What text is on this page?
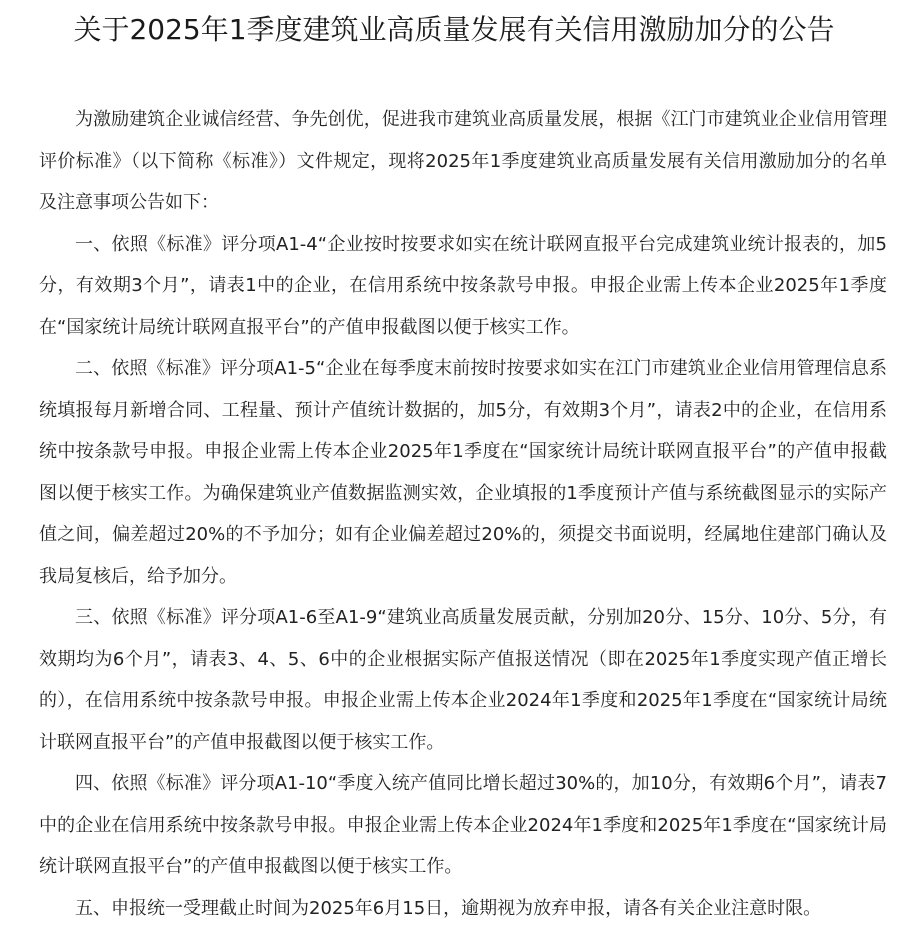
关于2025年1季度建筑业高质量发展有关信用激励加分的公告

为激励建筑企业诚信经营、争先创优，促进我市建筑业高质量发展，根据《江门市建筑业企业信用管理评价标准》（以下简称《标准》）文件规定，现将2025年1季度建筑业高质量发展有关信用激励加分的名单及注意事项公告如下：

一、依照《标准》评分项A1-4“企业按时按要求如实在统计联网直报平台完成建筑业统计报表的，加5分，有效期3个月”，请表1中的企业，在信用系统中按条款号申报。申报企业需上传本企业2025年1季度在“国家统计局统计联网直报平台”的产值申报截图以便于核实工作。

二、依照《标准》评分项A1-5“企业在每季度末前按时按要求如实在江门市建筑业企业信用管理信息系统填报每月新增合同、工程量、预计产值统计数据的，加5分，有效期3个月”，请表2中的企业，在信用系统中按条款号申报。申报企业需上传本企业2025年1季度在“国家统计局统计联网直报平台”的产值申报截图以便于核实工作。为确保建筑业产值数据监测实效，企业填报的1季度预计产值与系统截图显示的实际产值之间，偏差超过20%的不予加分；如有企业偏差超过20%的，须提交书面说明，经属地住建部门确认及我局复核后，给予加分。

三、依照《标准》评分项A1-6至A1-9“建筑业高质量发展贡献，分别加20分、15分、10分、5分，有效期均为6个月”，请表3、4、5、6中的企业根据实际产值报送情况（即在2025年1季度实现产值正增长的），在信用系统中按条款号申报。申报企业需上传本企业2024年1季度和2025年1季度在“国家统计局统计联网直报平台”的产值申报截图以便于核实工作。

四、依照《标准》评分项A1-10“季度入统产值同比增长超过30%的，加10分，有效期6个月”，请表7中的企业在信用系统中按条款号申报。申报企业需上传本企业2024年1季度和2025年1季度在“国家统计局统计联网直报平台”的产值申报截图以便于核实工作。

五、申报统一受理截止时间为2025年6月15日，逾期视为放弃申报，请各有关企业注意时限。
